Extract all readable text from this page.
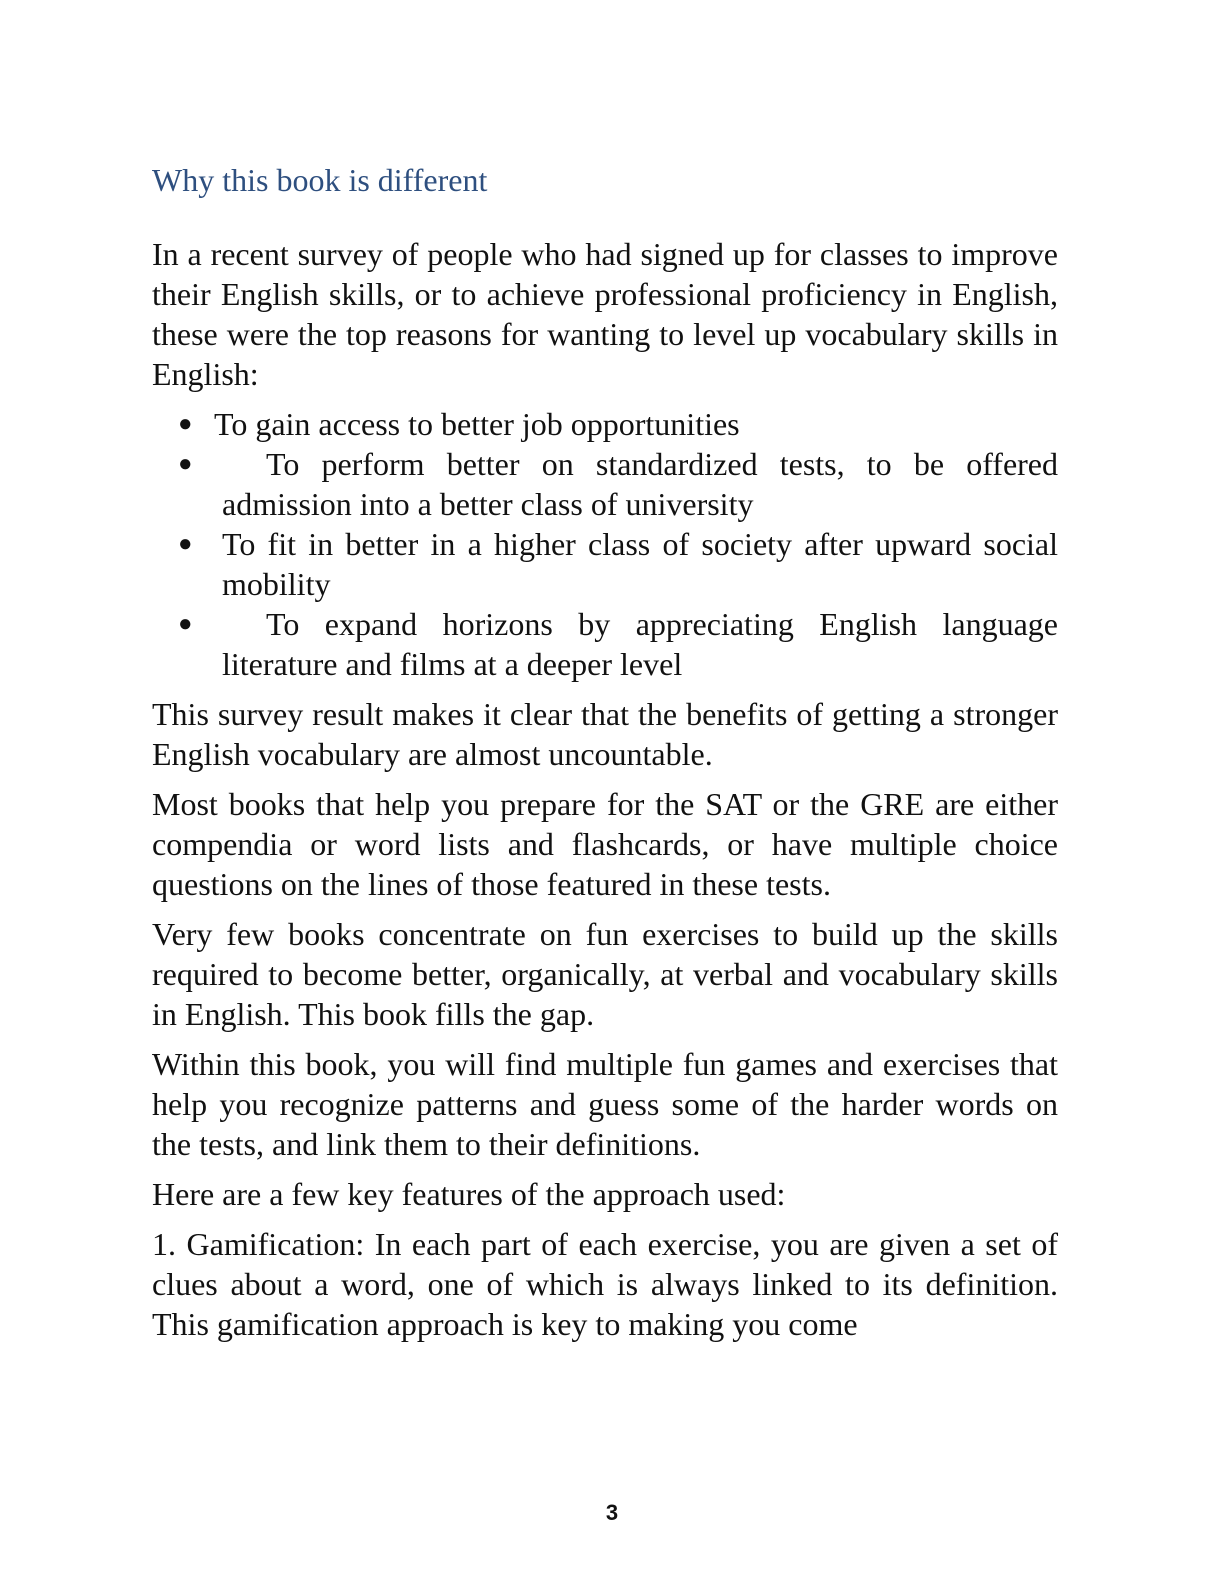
Why this book is different

In a recent survey of people who had signed up for classes to improve their English skills, or to achieve professional proficiency in English, these were the top reasons for wanting to level up vocabulary skills in English:

● To gain access to better job opportunities
● To perform better on standardized tests, to be offered admission into a better class of university
● To fit in better in a higher class of society after upward social mobility
● To expand horizons by appreciating English language literature and films at a deeper level

This survey result makes it clear that the benefits of getting a stronger English vocabulary are almost uncountable.

Most books that help you prepare for the SAT or the GRE are either compendia or word lists and flashcards, or have multiple choice questions on the lines of those featured in these tests.

Very few books concentrate on fun exercises to build up the skills required to become better, organically, at verbal and vocabulary skills in English. This book fills the gap.

Within this book, you will find multiple fun games and exercises that help you recognize patterns and guess some of the harder words on the tests, and link them to their definitions.

Here are a few key features of the approach used:

1. Gamification: In each part of each exercise, you are given a set of clues about a word, one of which is always linked to its definition. This gamification approach is key to making you come

3
